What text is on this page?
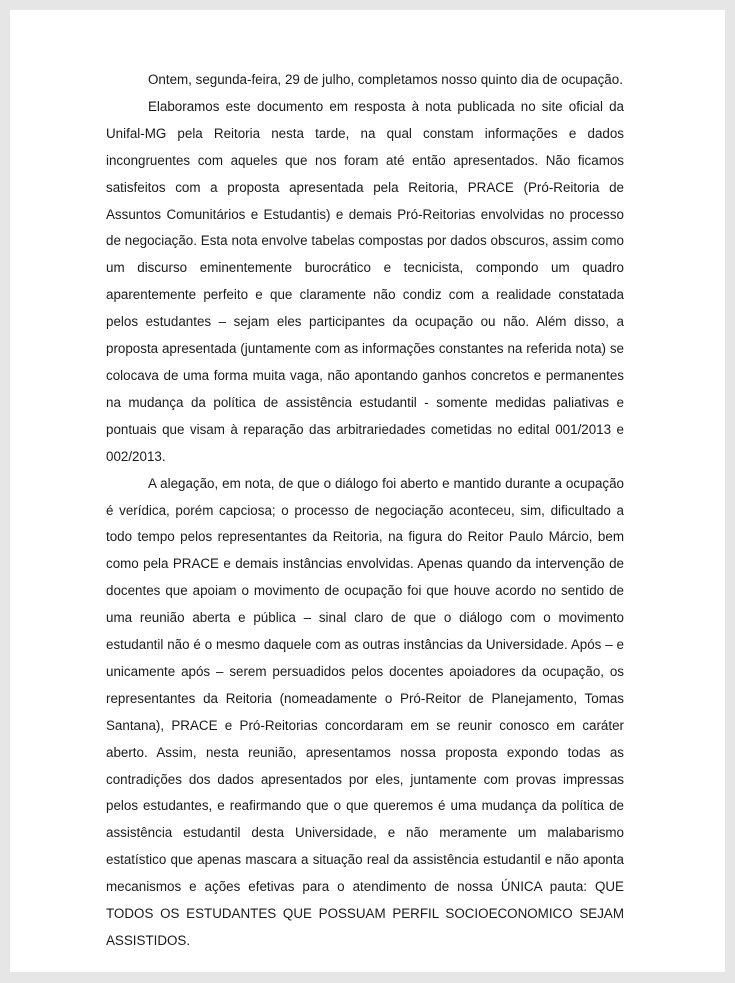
Ontem, segunda-feira, 29 de julho, completamos nosso quinto dia de ocupação.

Elaboramos este documento em resposta à nota publicada no site oficial da Unifal-MG pela Reitoria nesta tarde, na qual constam informações e dados incongruentes com aqueles que nos foram até então apresentados. Não ficamos satisfeitos com a proposta apresentada pela Reitoria, PRACE (Pró-Reitoria de Assuntos Comunitários e Estudantis) e demais Pró-Reitorias envolvidas no processo de negociação. Esta nota envolve tabelas compostas por dados obscuros, assim como um discurso eminentemente burocrático e tecnicista, compondo um quadro aparentemente perfeito e que claramente não condiz com a realidade constatada pelos estudantes – sejam eles participantes da ocupação ou não. Além disso, a proposta apresentada (juntamente com as informações constantes na referida nota) se colocava de uma forma muita vaga, não apontando ganhos concretos e permanentes na mudança da política de assistência estudantil - somente medidas paliativas e pontuais que visam à reparação das arbitrariedades cometidas no edital 001/2013 e 002/2013.

A alegação, em nota, de que o diálogo foi aberto e mantido durante a ocupação é verídica, porém capciosa; o processo de negociação aconteceu, sim, dificultado a todo tempo pelos representantes da Reitoria, na figura do Reitor Paulo Márcio, bem como pela PRACE e demais instâncias envolvidas. Apenas quando da intervenção de docentes que apoiam o movimento de ocupação foi que houve acordo no sentido de uma reunião aberta e pública – sinal claro de que o diálogo com o movimento estudantil não é o mesmo daquele com as outras instâncias da Universidade. Após – e unicamente após – serem persuadidos pelos docentes apoiadores da ocupação, os representantes da Reitoria (nomeadamente o Pró-Reitor de Planejamento, Tomas Santana), PRACE e Pró-Reitorias concordaram em se reunir conosco em caráter aberto. Assim, nesta reunião, apresentamos nossa proposta expondo todas as contradições dos dados apresentados por eles, juntamente com provas impressas pelos estudantes, e reafirmando que o que queremos é uma mudança da política de assistência estudantil desta Universidade, e não meramente um malabarismo estatístico que apenas mascara a situação real da assistência estudantil e não aponta mecanismos e ações efetivas para o atendimento de nossa ÚNICA pauta: QUE TODOS OS ESTUDANTES QUE POSSUAM PERFIL SOCIOECONOMICO SEJAM ASSISTIDOS.
